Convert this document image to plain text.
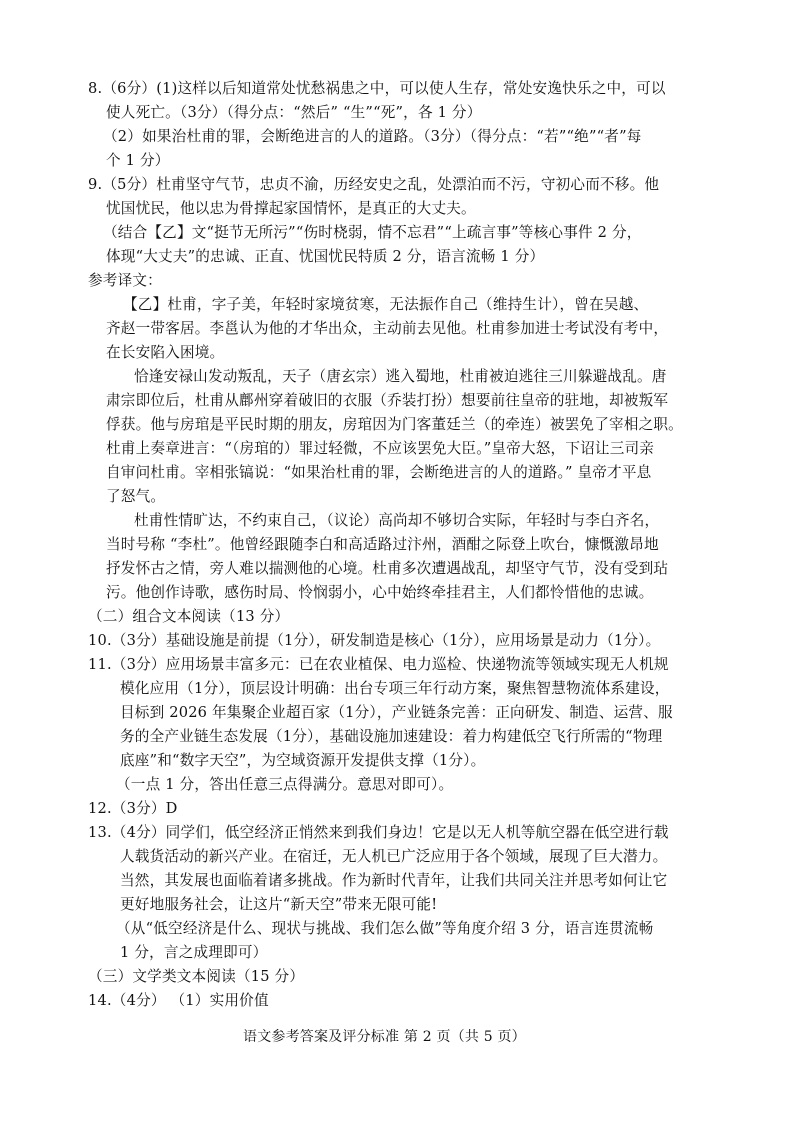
8.（6分）(1)这样以后知道常处忧愁祸患之中，可以使人生存，常处安逸快乐之中，可以
使人死亡。（3分）（得分点：“然后” “生”“死”，各 1 分）
（2）如果治杜甫的罪，会断绝进言的人的道路。（3分）（得分点：“若”“绝”“者”每
个 1 分）
9.（5分）杜甫坚守气节，忠贞不渝，历经安史之乱，处漂泊而不污，守初心而不移。他
忧国忧民，他以忠为骨撑起家国情怀，是真正的大丈夫。
（结合【乙】文“挺节无所污”“伤时桡弱，情不忘君”“上疏言事”等核心事件 2 分，
体现“大丈夫”的忠诚、正直、忧国忧民特质 2 分，语言流畅 1 分）
参考译文：
【乙】杜甫，字子美，年轻时家境贫寒，无法振作自己（维持生计），曾在吴越、
齐赵一带客居。李邕认为他的才华出众，主动前去见他。杜甫参加进士考试没有考中，
在长安陷入困境。
恰逢安禄山发动叛乱，天子（唐玄宗）逃入蜀地，杜甫被迫逃往三川躲避战乱。唐
肃宗即位后，杜甫从鄜州穿着破旧的衣服（乔装打扮）想要前往皇帝的驻地，却被叛军
俘获。他与房琯是平民时期的朋友，房琯因为门客董廷兰（的牵连）被罢免了宰相之职。
杜甫上奏章进言：“（房琯的）罪过轻微，不应该罢免大臣。”皇帝大怒，下诏让三司亲
自审问杜甫。宰相张镐说：“如果治杜甫的罪，会断绝进言的人的道路。” 皇帝才平息
了怒气。
杜甫性情旷达，不约束自己，（议论）高尚却不够切合实际，年轻时与李白齐名，
当时号称 “李杜”。他曾经跟随李白和高适路过汴州，酒酣之际登上吹台，慷慨激昂地
抒发怀古之情，旁人难以揣测他的心境。杜甫多次遭遇战乱，却坚守气节，没有受到玷
污。他创作诗歌，感伤时局、怜悯弱小，心中始终牵挂君主，人们都怜惜他的忠诚。
（二）组合文本阅读（13 分）
10.（3分）基础设施是前提（1分），研发制造是核心（1分），应用场景是动力（1分）。
11.（3分）应用场景丰富多元：已在农业植保、电力巡检、快递物流等领域实现无人机规
模化应用（1分），顶层设计明确：出台专项三年行动方案，聚焦智慧物流体系建设，
目标到 2026 年集聚企业超百家（1分），产业链条完善：正向研发、制造、运营、服
务的全产业链生态发展（1分），基础设施加速建设：着力构建低空飞行所需的“物理
底座”和“数字天空”，为空域资源开发提供支撑（1分）。
（一点 1 分，答出任意三点得满分。意思对即可）。
12.（3分）D
13.（4分）同学们，低空经济正悄然来到我们身边！它是以无人机等航空器在低空进行载
人载货活动的新兴产业。在宿迁，无人机已广泛应用于各个领域，展现了巨大潜力。
当然，其发展也面临着诸多挑战。作为新时代青年，让我们共同关注并思考如何让它
更好地服务社会，让这片“新天空”带来无限可能!
（从“低空经济是什么、现状与挑战、我们怎么做”等角度介绍 3 分，语言连贯流畅
1 分，言之成理即可）
（三）文学类文本阅读（15 分）
14.（4分） （1）实用价值
语文参考答案及评分标准 第 2 页（共 5 页）
